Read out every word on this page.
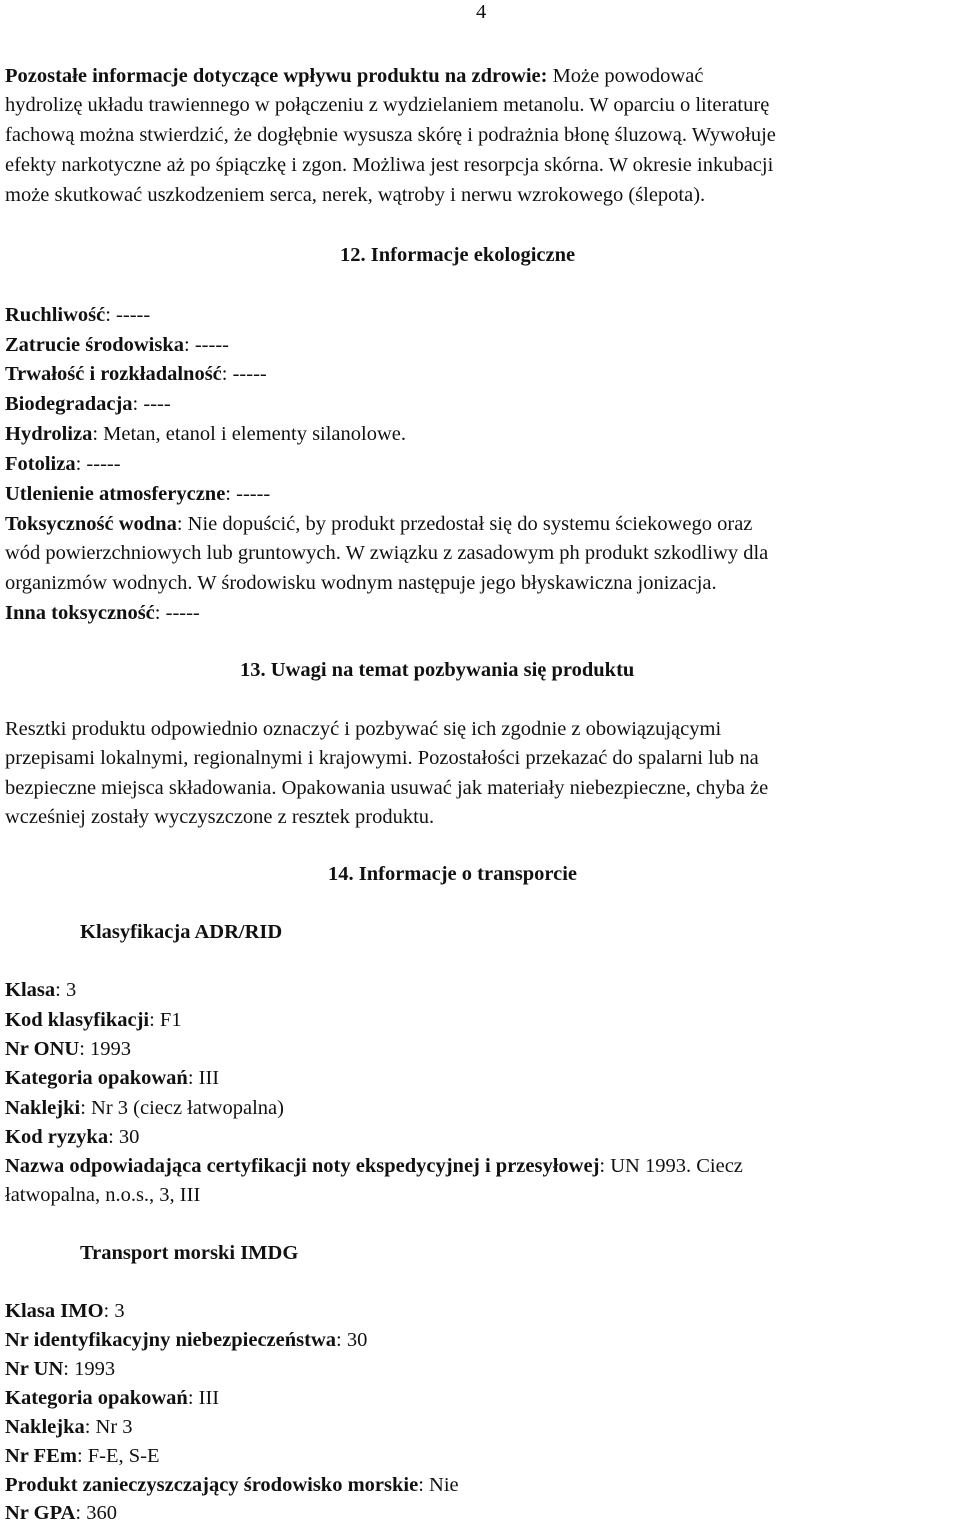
4
Pozostałe informacje dotyczące wpływu produktu na zdrowie: Może powodować
hydrolizę układu trawiennego w połączeniu z wydzielaniem metanolu. W oparciu o literaturę
fachową można stwierdzić, że dogłębnie wysusza skórę i podrażnia błonę śluzową. Wywołuje
efekty narkotyczne aż po śpiączkę i zgon. Możliwa jest resorpcja skórna. W okresie inkubacji
może skutkować uszkodzeniem serca, nerek, wątroby i nerwu wzrokowego (ślepota).
12. Informacje ekologiczne
Ruchliwość: -----
Zatrucie środowiska: -----
Trwałość i rozkładalność: -----
Biodegradacja: ----
Hydroliza: Metan, etanol i elementy silanolowe.
Fotoliza: -----
Utlenienie atmosferyczne: -----
Toksyczność wodna: Nie dopuścić, by produkt przedostał się do systemu ściekowego oraz
wód powierzchniowych lub gruntowych. W związku z zasadowym ph produkt szkodliwy dla
organizmów wodnych. W środowisku wodnym następuje jego błyskawiczna jonizacja.
Inna toksyczność: -----
13. Uwagi na temat pozbywania się produktu
Resztki produktu odpowiednio oznaczyć i pozbywać się ich zgodnie z obowiązującymi
przepisami lokalnymi, regionalnymi i krajowymi. Pozostałości przekazać do spalarni lub na
bezpieczne miejsca składowania. Opakowania usuwać jak materiały niebezpieczne, chyba że
wcześniej zostały wyczyszczone z resztek produktu.
14. Informacje o transporcie
Klasyfikacja ADR/RID
Klasa: 3
Kod klasyfikacji: F1
Nr ONU: 1993
Kategoria opakowań: III
Naklejki: Nr 3 (ciecz łatwopalna)
Kod ryzyka: 30
Nazwa odpowiadająca certyfikacji noty ekspedycyjnej i przesyłowej: UN 1993. Ciecz
łatwopalna, n.o.s., 3, III
Transport morski IMDG
Klasa IMO: 3
Nr identyfikacyjny niebezpieczeństwa: 30
Nr UN: 1993
Kategoria opakowań: III
Naklejka: Nr 3
Nr FEm: F-E, S-E
Produkt zanieczyszczający środowisko morskie: Nie
Nr GPA: 360
